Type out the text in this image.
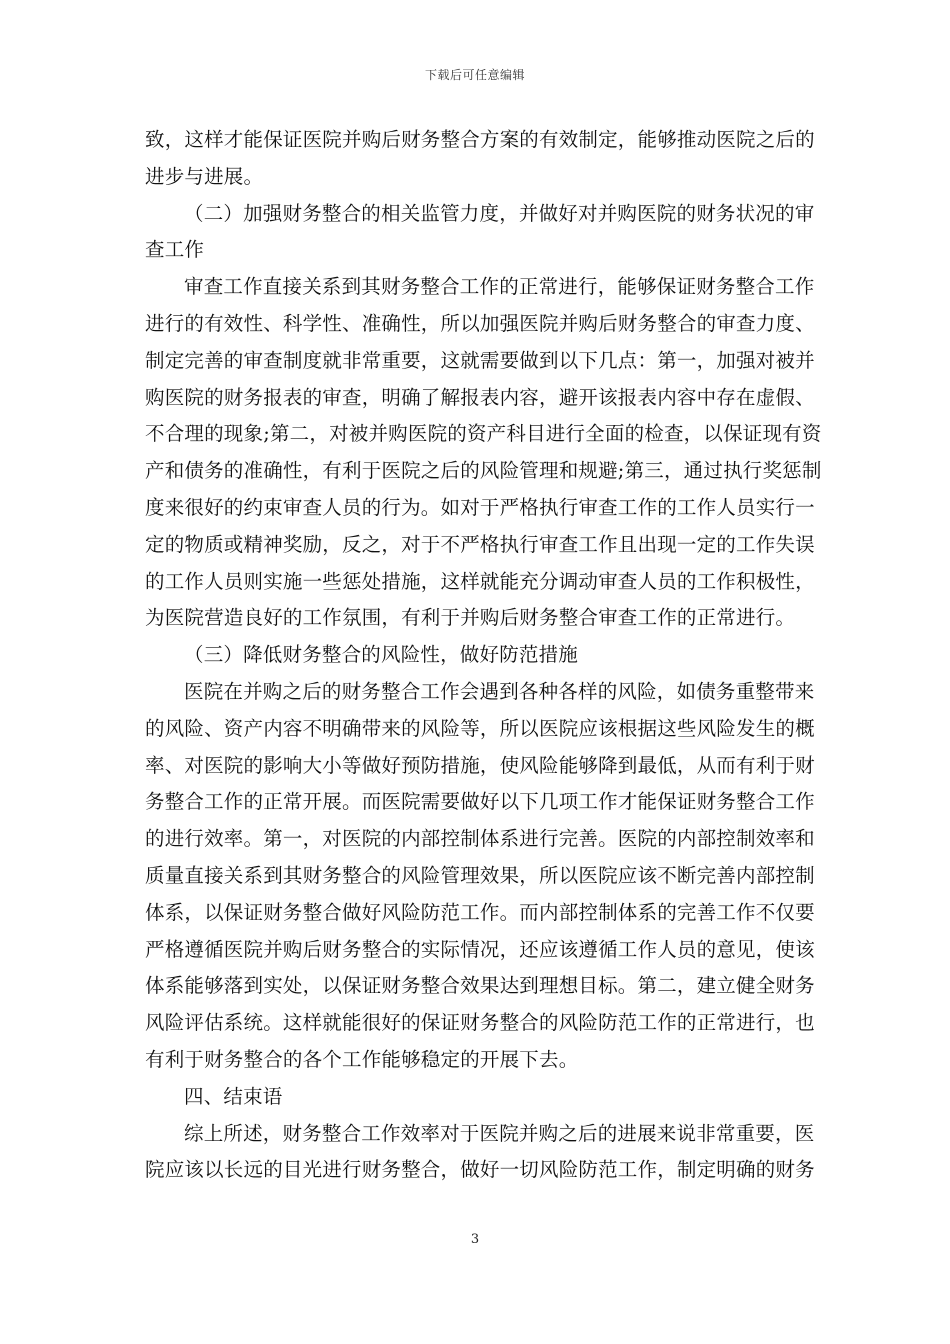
下载后可任意编辑
致，这样才能保证医院并购后财务整合方案的有效制定，能够推动医院之后的
进步与进展。
（二）加强财务整合的相关监管力度，并做好对并购医院的财务状况的审
查工作
审查工作直接关系到其财务整合工作的正常进行，能够保证财务整合工作
进行的有效性、科学性、准确性，所以加强医院并购后财务整合的审查力度、
制定完善的审查制度就非常重要，这就需要做到以下几点：第一，加强对被并
购医院的财务报表的审查，明确了解报表内容，避开该报表内容中存在虚假、
不合理的现象;第二，对被并购医院的资产科目进行全面的检查，以保证现有资
产和债务的准确性，有利于医院之后的风险管理和规避;第三，通过执行奖惩制
度来很好的约束审查人员的行为。如对于严格执行审查工作的工作人员实行一
定的物质或精神奖励，反之，对于不严格执行审查工作且出现一定的工作失误
的工作人员则实施一些惩处措施，这样就能充分调动审查人员的工作积极性，
为医院营造良好的工作氛围，有利于并购后财务整合审查工作的正常进行。
（三）降低财务整合的风险性，做好防范措施
医院在并购之后的财务整合工作会遇到各种各样的风险，如债务重整带来
的风险、资产内容不明确带来的风险等，所以医院应该根据这些风险发生的概
率、对医院的影响大小等做好预防措施，使风险能够降到最低，从而有利于财
务整合工作的正常开展。而医院需要做好以下几项工作才能保证财务整合工作
的进行效率。第一，对医院的内部控制体系进行完善。医院的内部控制效率和
质量直接关系到其财务整合的风险管理效果，所以医院应该不断完善内部控制
体系，以保证财务整合做好风险防范工作。而内部控制体系的完善工作不仅要
严格遵循医院并购后财务整合的实际情况，还应该遵循工作人员的意见，使该
体系能够落到实处，以保证财务整合效果达到理想目标。第二，建立健全财务
风险评估系统。这样就能很好的保证财务整合的风险防范工作的正常进行，也
有利于财务整合的各个工作能够稳定的开展下去。
四、结束语
综上所述，财务整合工作效率对于医院并购之后的进展来说非常重要，医
院应该以长远的目光进行财务整合，做好一切风险防范工作，制定明确的财务
3
